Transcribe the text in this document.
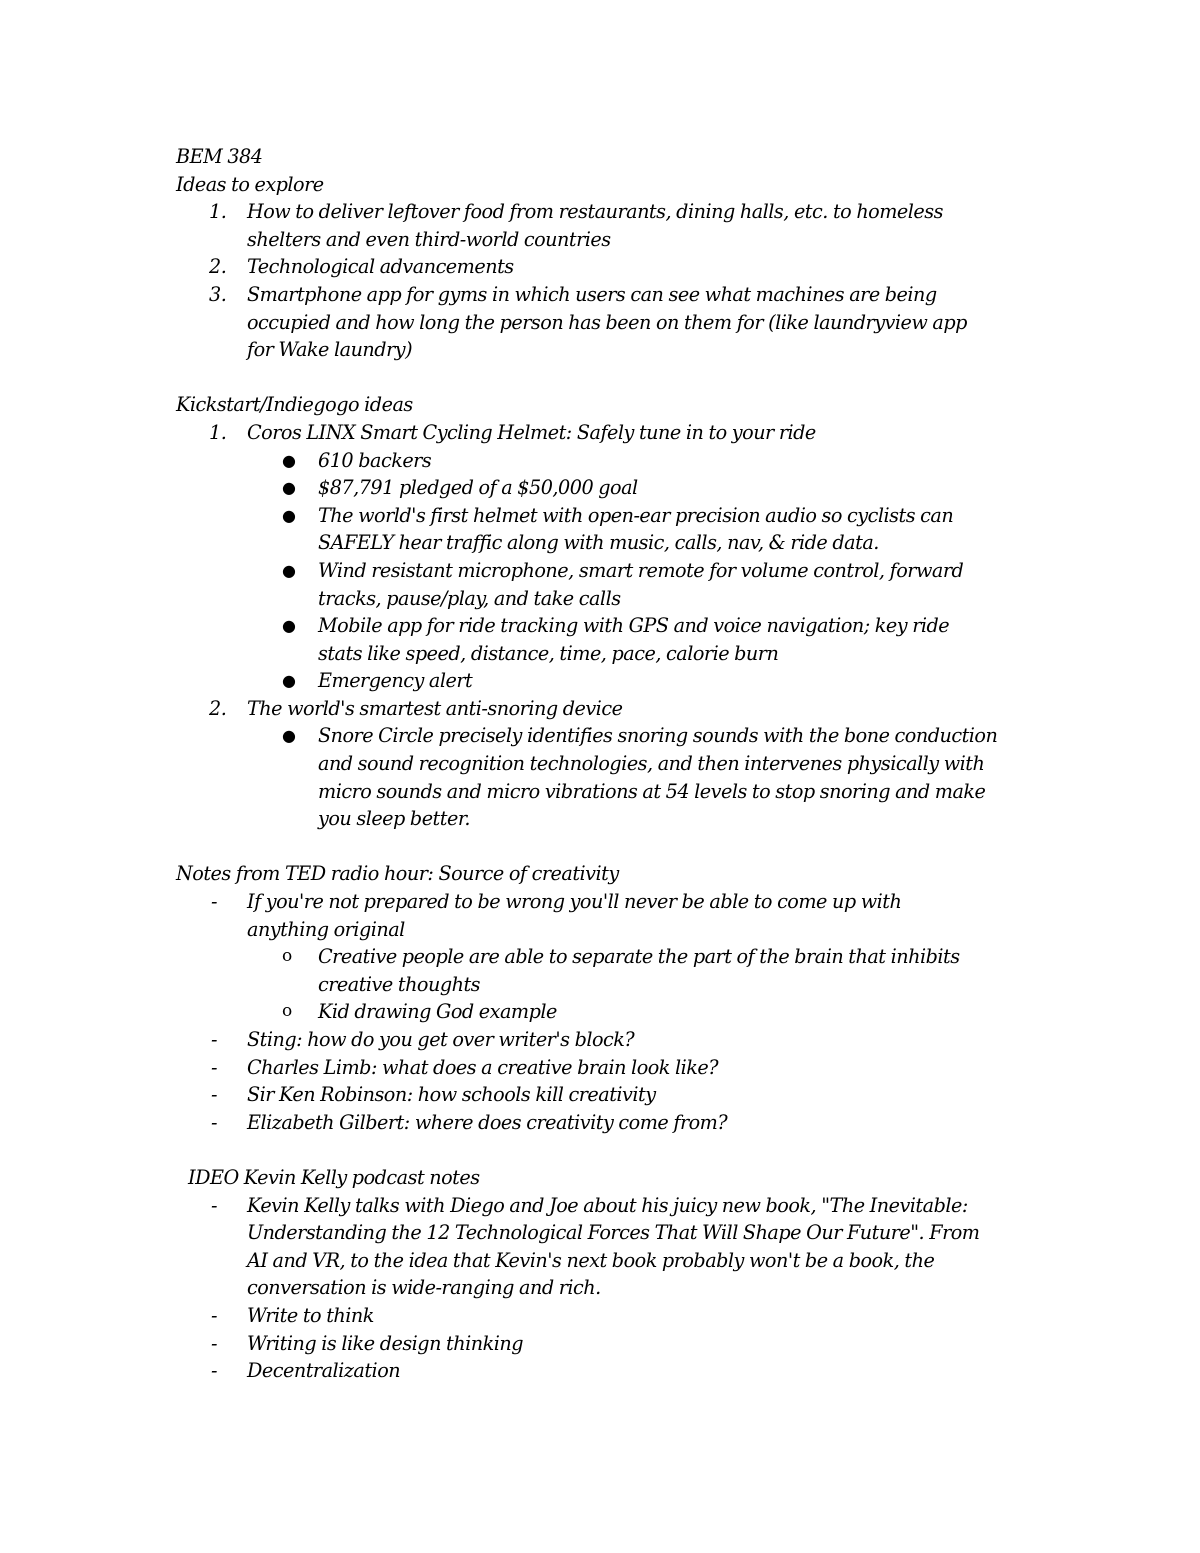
BEM 384

Ideas to explore

1. How to deliver leftover food from restaurants, dining halls, etc. to homeless

shelters and even third-world countries

2. Technological advancements

3. Smartphone app for gyms in which users can see what machines are being

occupied and how long the person has been on them for (like laundryview app

for Wake laundry)

Kickstart/Indiegogo ideas

1. Coros LINX Smart Cycling Helmet: Safely tune in to your ride

● 610 backers

● $87,791 pledged of a $50,000 goal

● The world's first helmet with open-ear precision audio so cyclists can

SAFELY hear traffic along with music, calls, nav, & ride data.

● Wind resistant microphone, smart remote for volume control, forward

tracks, pause/play, and take calls

● Mobile app for ride tracking with GPS and voice navigation; key ride

stats like speed, distance, time, pace, calorie burn

● Emergency alert

2. The world's smartest anti-snoring device

● Snore Circle precisely identifies snoring sounds with the bone conduction

and sound recognition technologies, and then intervenes physically with

micro sounds and micro vibrations at 54 levels to stop snoring and make

you sleep better.

Notes from TED radio hour: Source of creativity

- If you're not prepared to be wrong you'll never be able to come up with

anything original

o Creative people are able to separate the part of the brain that inhibits

creative thoughts

o Kid drawing God example

- Sting: how do you get over writer's block?

- Charles Limb: what does a creative brain look like?

- Sir Ken Robinson: how schools kill creativity

- Elizabeth Gilbert: where does creativity come from?

IDEO Kevin Kelly podcast notes

- Kevin Kelly talks with Diego and Joe about his juicy new book, "The Inevitable:

Understanding the 12 Technological Forces That Will Shape Our Future". From

AI and VR, to the idea that Kevin's next book probably won't be a book, the

conversation is wide-ranging and rich.

- Write to think

- Writing is like design thinking

- Decentralization
